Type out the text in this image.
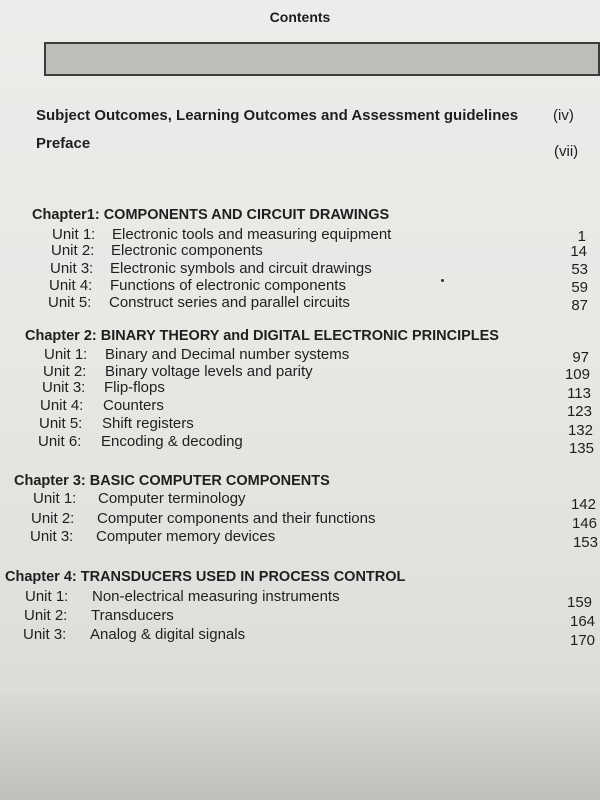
Contents
Subject Outcomes, Learning Outcomes and Assessment guidelines (iv)
Preface	(vii)
Chapter1: COMPONENTS AND CIRCUIT DRAWINGS
Unit 1: Electronic tools and measuring equipment	1
Unit 2: Electronic components	14
Unit 3: Electronic symbols and circuit drawings	53
Unit 4: Functions of electronic components	59
Unit 5: Construct series and parallel circuits	87
Chapter 2: BINARY THEORY and DIGITAL ELECTRONIC PRINCIPLES
Unit 1: Binary and Decimal number systems	97
Unit 2: Binary voltage levels and parity	109
Unit 3: Flip-flops	113
Unit 4: Counters	123
Unit 5: Shift registers	132
Unit 6: Encoding & decoding	135
Chapter 3: BASIC COMPUTER COMPONENTS
Unit 1: Computer terminology	142
Unit 2: Computer components and their functions	146
Unit 3: Computer memory devices	153
Chapter 4: TRANSDUCERS USED IN PROCESS CONTROL
Unit 1: Non-electrical measuring instruments	159
Unit 2: Transducers	164
Unit 3: Analog & digital signals	170
